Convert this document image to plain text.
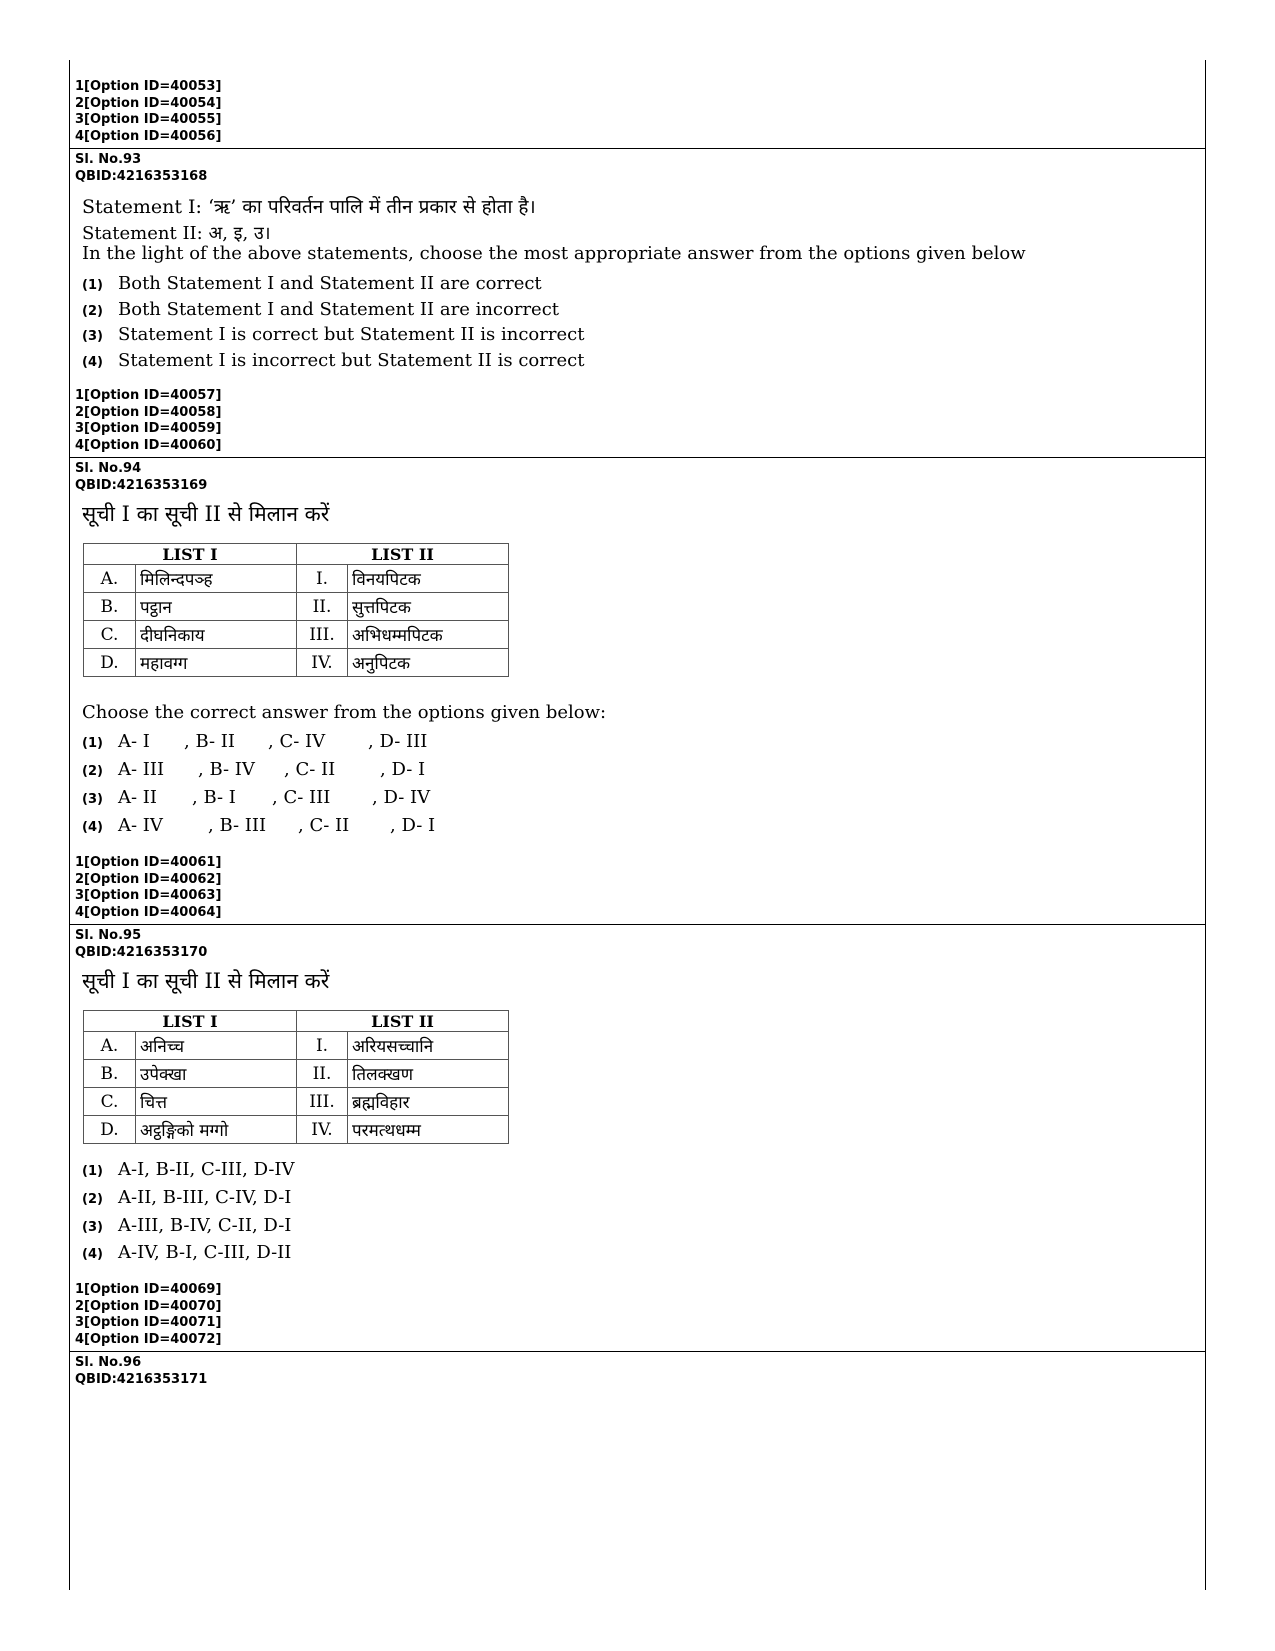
1[Option ID=40053]
2[Option ID=40054]
3[Option ID=40055]
4[Option ID=40056]
Sl. No.93
QBID:4216353168
Statement I: ‘ऋ’ का परिवर्तन पालि में तीन प्रकार से होता है।
Statement II: अ, इ, उ।
In the light of the above statements, choose the most appropriate answer from the options given below
(1) Both Statement I and Statement II are correct
(2) Both Statement I and Statement II are incorrect
(3) Statement I is correct but Statement II is incorrect
(4) Statement I is incorrect but Statement II is correct
1[Option ID=40057]
2[Option ID=40058]
3[Option ID=40059]
4[Option ID=40060]
Sl. No.94
QBID:4216353169
सूची I का सूची II से मिलान करें
LIST I		LIST II	
A.	मिलिन्दपञ्ह	I.	विनयपिटक
B.	पट्ठान	II.	सुत्तपिटक
C.	दीघनिकाय	III.	अभिधम्मपिटक
D.	महावग्ग	IV.	अनुपिटक
Choose the correct answer from the options given below:
(1) A- I , B- II , C- IV , D- III
(2) A- III , B- IV , C- II , D- I
(3) A- II , B- I , C- III , D- IV
(4) A- IV	, B- III , C- II , D- I
1[Option ID=40061]
2[Option ID=40062]
3[Option ID=40063]
4[Option ID=40064]
Sl. No.95
QBID:4216353170
सूची I का सूची II से मिलान करें
LIST I		LIST II	
A.	अनिच्च	I.	अरियसच्चानि
B.	उपेक्खा	II.	तिलक्खण
C.	चित्त	III.	ब्रह्मविहार
D.	अट्ठङ्गिको मग्गो	IV.	परमत्थधम्म
(1) A-I, B-II, C-III, D-IV
(2) A-II, B-III, C-IV, D-I
(3) A-III, B-IV, C-II, D-I
(4) A-IV, B-I, C-III, D-II
1[Option ID=40069]
2[Option ID=40070]
3[Option ID=40071]
4[Option ID=40072]
Sl. No.96
QBID:4216353171
